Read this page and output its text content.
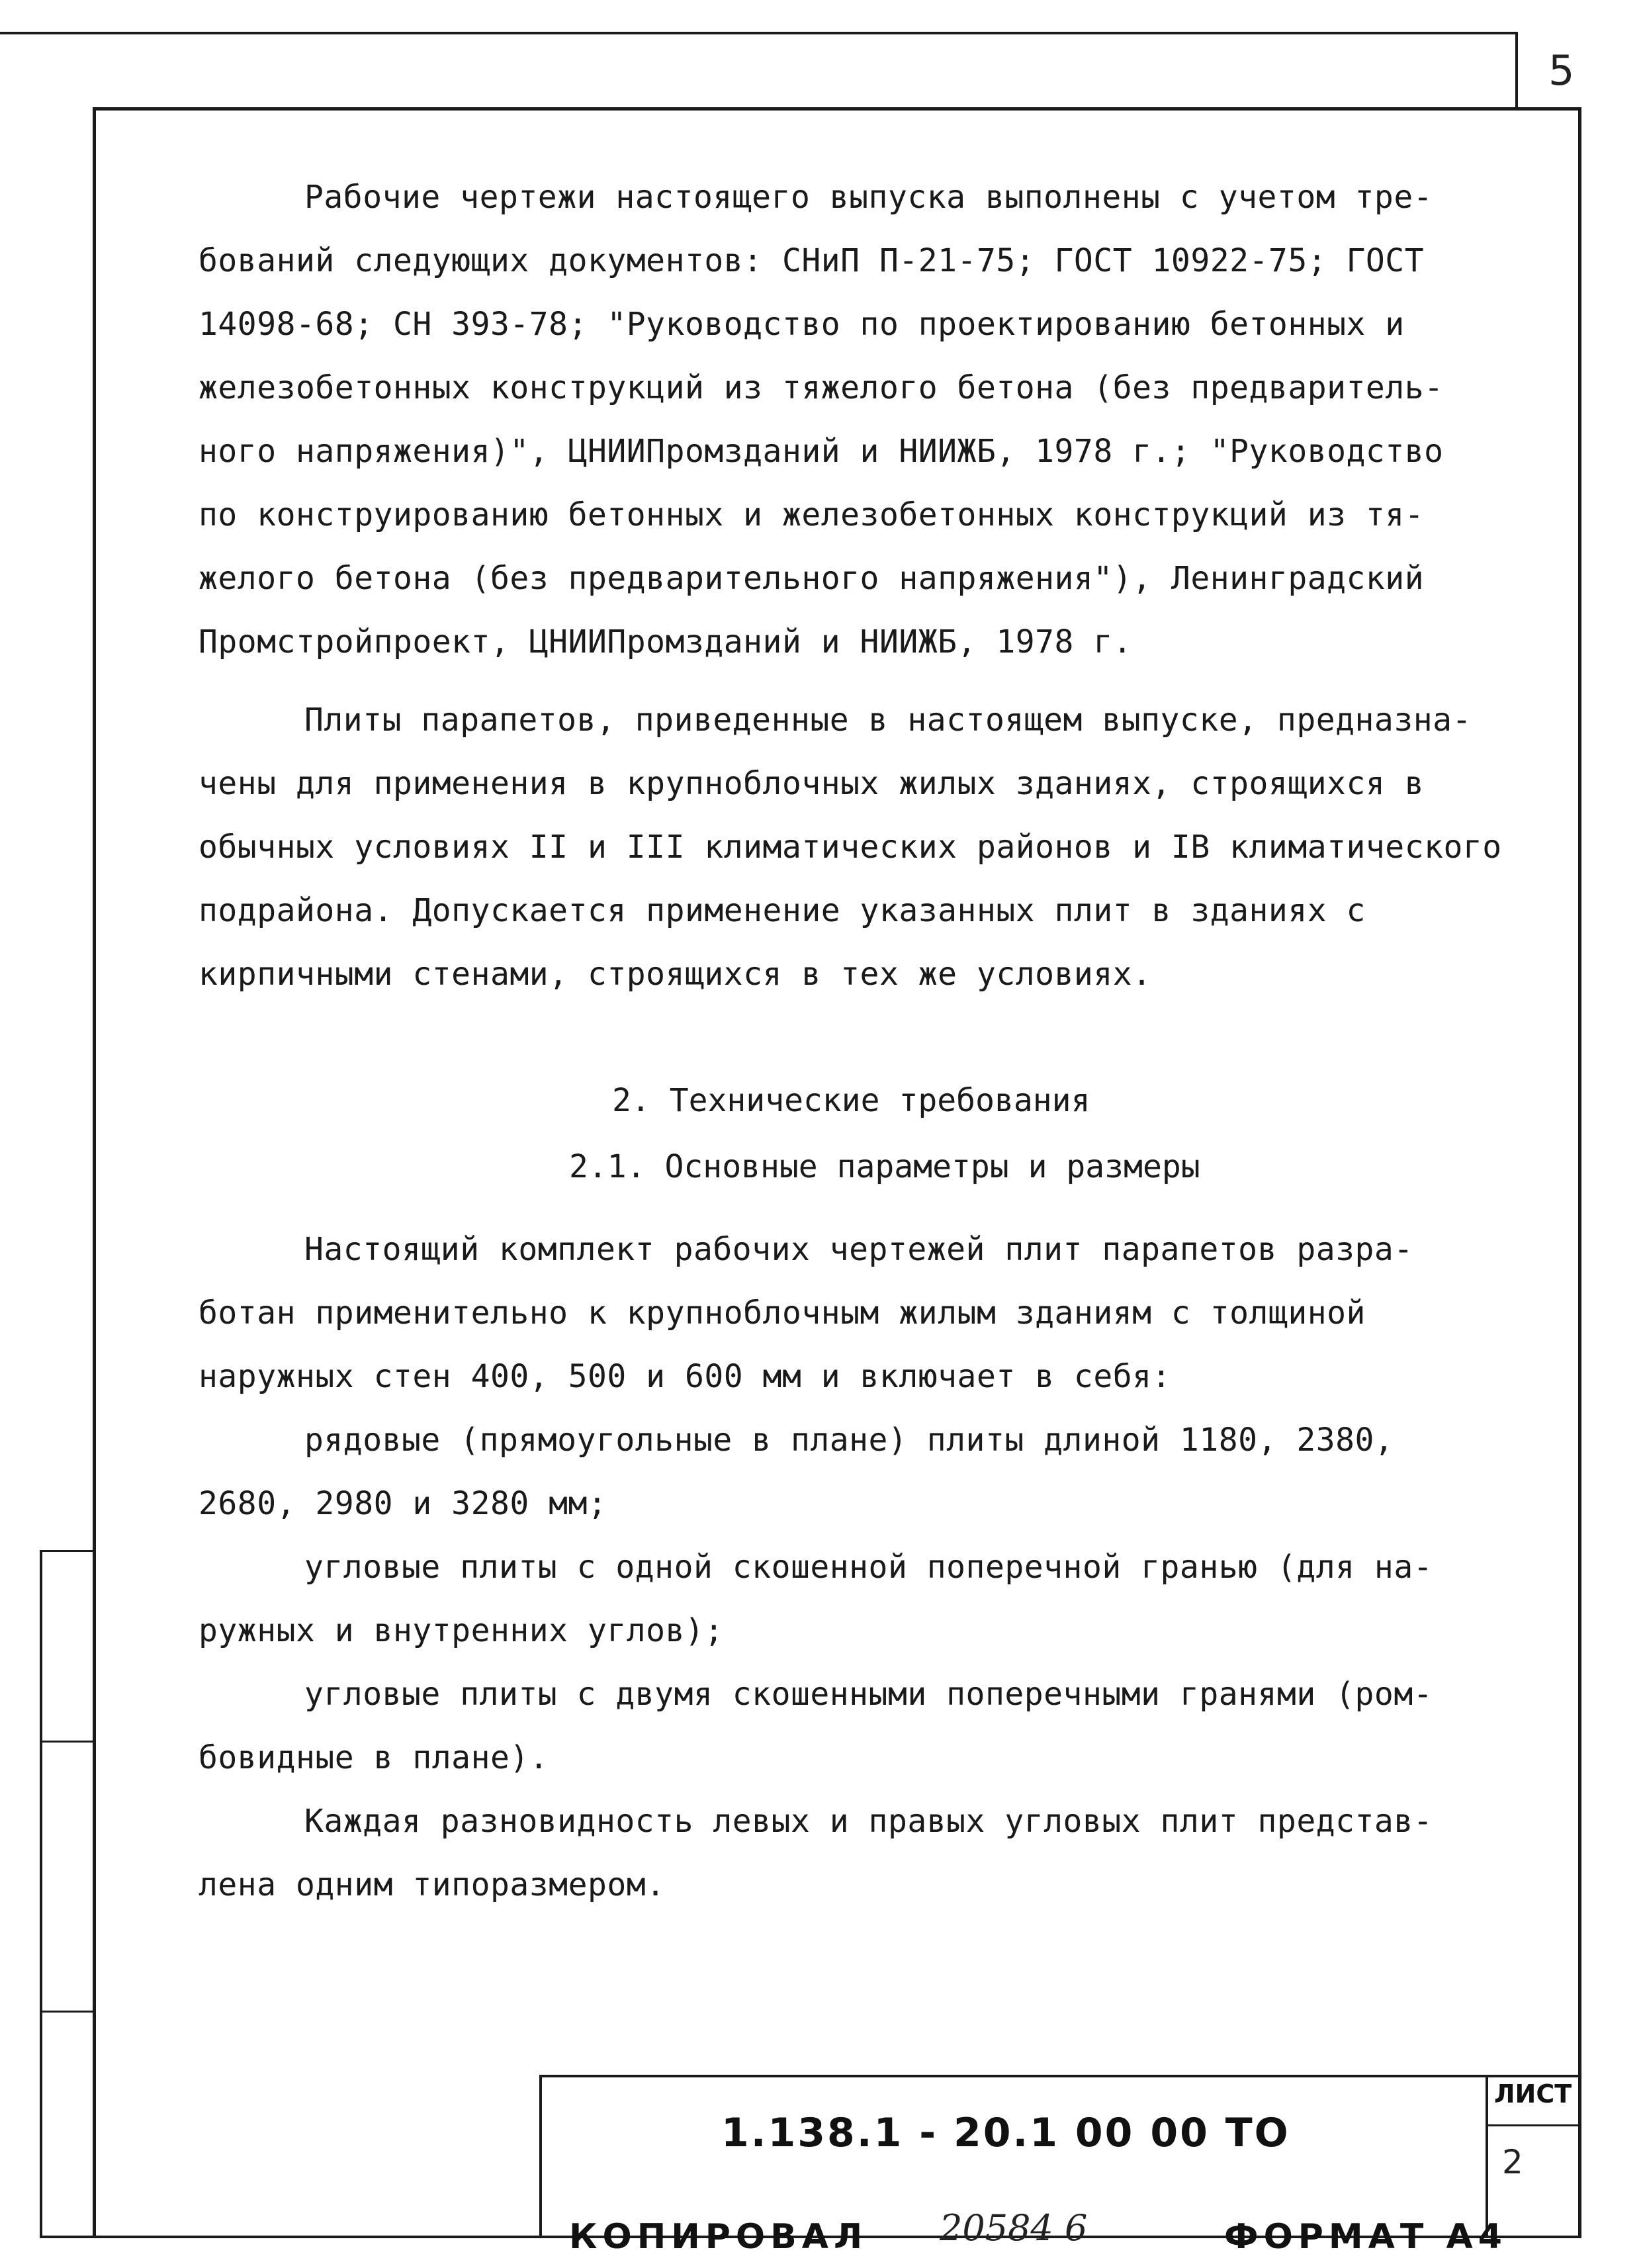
5
Рабочие чертежи настоящего выпуска выполнены с учетом тре-
бований следующих документов: СНиП П-21-75; ГОСТ 10922-75; ГОСТ
14098-68; СН 393-78; "Руководство по проектированию бетонных и
железобетонных конструкций из тяжелого бетона (без предваритель-
ного напряжения)", ЦНИИПромзданий и НИИЖБ, 1978 г.; "Руководство
по конструированию бетонных и железобетонных конструкций из тя-
желого бетона (без предварительного напряжения"), Ленинградский
Промстройпроект, ЦНИИПромзданий и НИИЖБ, 1978 г.
Плиты парапетов, приведенные в настоящем выпуске, предназна-
чены для применения в крупноблочных жилых зданиях, строящихся в
обычных условиях II и III климатических районов и IВ климатического
подрайона. Допускается применение указанных плит в зданиях с
кирпичными стенами, строящихся в тех же условиях.
2. Технические требования
2.1. Основные параметры и размеры
Настоящий комплект рабочих чертежей плит парапетов разра-
ботан применительно к крупноблочным жилым зданиям с толщиной
наружных стен 400, 500 и 600 мм и включает в себя:
рядовые (прямоугольные в плане) плиты длиной 1180, 2380,
2680, 2980 и 3280 мм;
угловые плиты с одной скошенной поперечной гранью (для на-
ружных и внутренних углов);
угловые плиты с двумя скошенными поперечными гранями (ром-
бовидные в плане).
Каждая разновидность левых и правых угловых плит представ-
лена одним типоразмером.
1.138.1 - 20.1 00 00 ТО
ЛИСТ
2
КОПИРОВАЛ 20584 6	ФОРМАТ А4
